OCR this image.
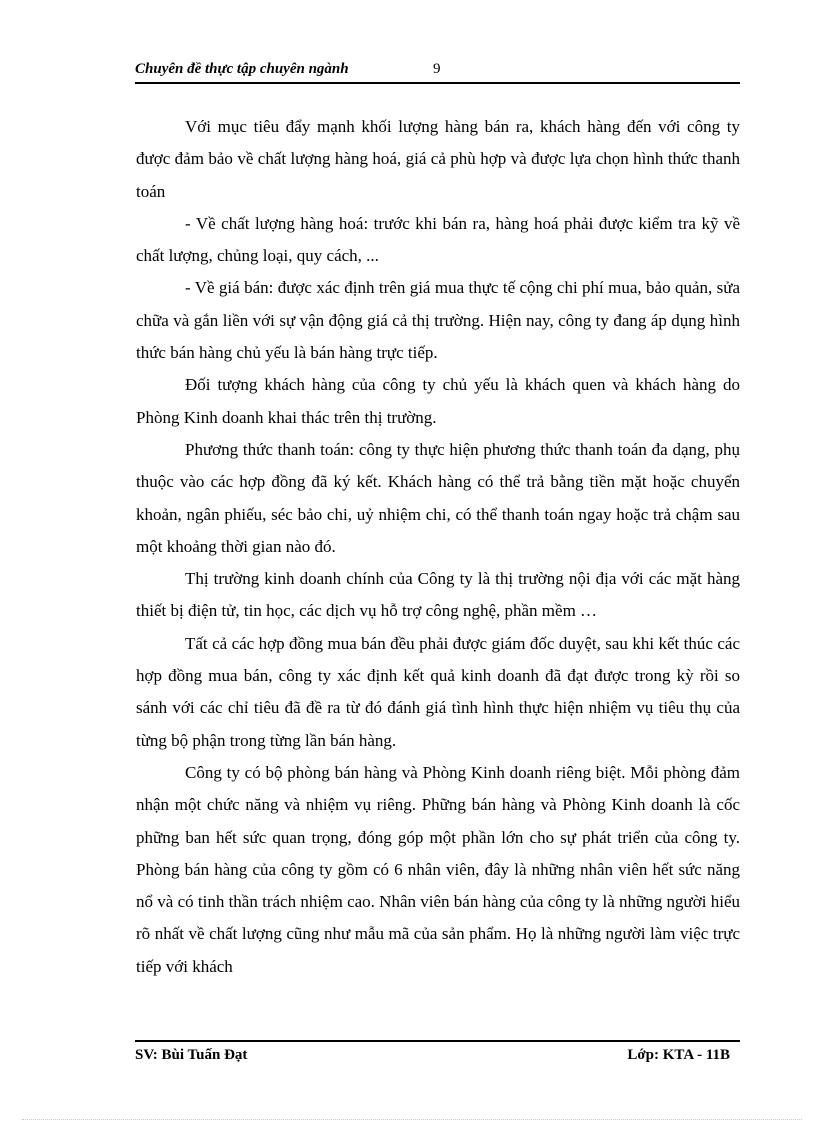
Chuyên đề thực tập chuyên ngành	9

Với mục tiêu đẩy mạnh khối lượng hàng bán ra, khách hàng đến với công ty được đảm bảo về chất lượng hàng hoá, giá cả phù hợp và được lựa chọn hình thức thanh toán

- Về chất lượng hàng hoá: trước khi bán ra, hàng hoá phải được kiểm tra kỹ về chất lượng, chủng loại, quy cách, ...

- Về giá bán: được xác định trên giá mua thực tế cộng chi phí mua, bảo quản, sửa chữa và gắn liền với sự vận động giá cả thị trường. Hiện nay, công ty đang áp dụng hình thức bán hàng chủ yếu là bán hàng trực tiếp.

Đối tượng khách hàng của công ty chủ yếu là khách quen và khách hàng do Phòng Kinh doanh khai thác trên thị trường.

Phương thức thanh toán: công ty thực hiện phương thức thanh toán đa dạng, phụ thuộc vào các hợp đồng đã ký kết. Khách hàng có thể trả bằng tiền mặt hoặc chuyển khoản, ngân phiếu, séc bảo chi, uỷ nhiệm chi, có thể thanh toán ngay hoặc trả chậm sau một khoảng thời gian nào đó.

Thị trường kinh doanh chính của Công ty là thị trường nội địa với các mặt hàng thiết bị điện tử, tin học, các dịch vụ hỗ trợ công nghệ, phần mềm …

Tất cả các hợp đồng mua bán đều phải được giám đốc duyệt, sau khi kết thúc các hợp đồng mua bán, công ty xác định kết quả kinh doanh đã đạt được trong kỳ rồi so sánh với các chỉ tiêu đã đề ra từ đó đánh giá tình hình thực hiện nhiệm vụ tiêu thụ của từng bộ phận trong từng lần bán hàng.

Công ty có bộ phòng bán hàng và Phòng Kinh doanh riêng biệt. Mỗi phòng đảm nhận một chức năng và nhiệm vụ riêng. Phững bán hàng và Phòng Kinh doanh là cốc phững ban hết sức quan trọng, đóng góp một phần lớn cho sự phát triển của công ty. Phòng bán hàng của công ty gồm có 6 nhân viên, đây là những nhân viên hết sức năng nổ và có tinh thần trách nhiệm cao. Nhân viên bán hàng của công ty là những người hiểu rõ nhất về chất lượng cũng như mẫu mã của sản phẩm. Họ là những người làm việc trực tiếp với khách

SV: Bùi Tuấn Đạt	Lớp: KTA - 11B
